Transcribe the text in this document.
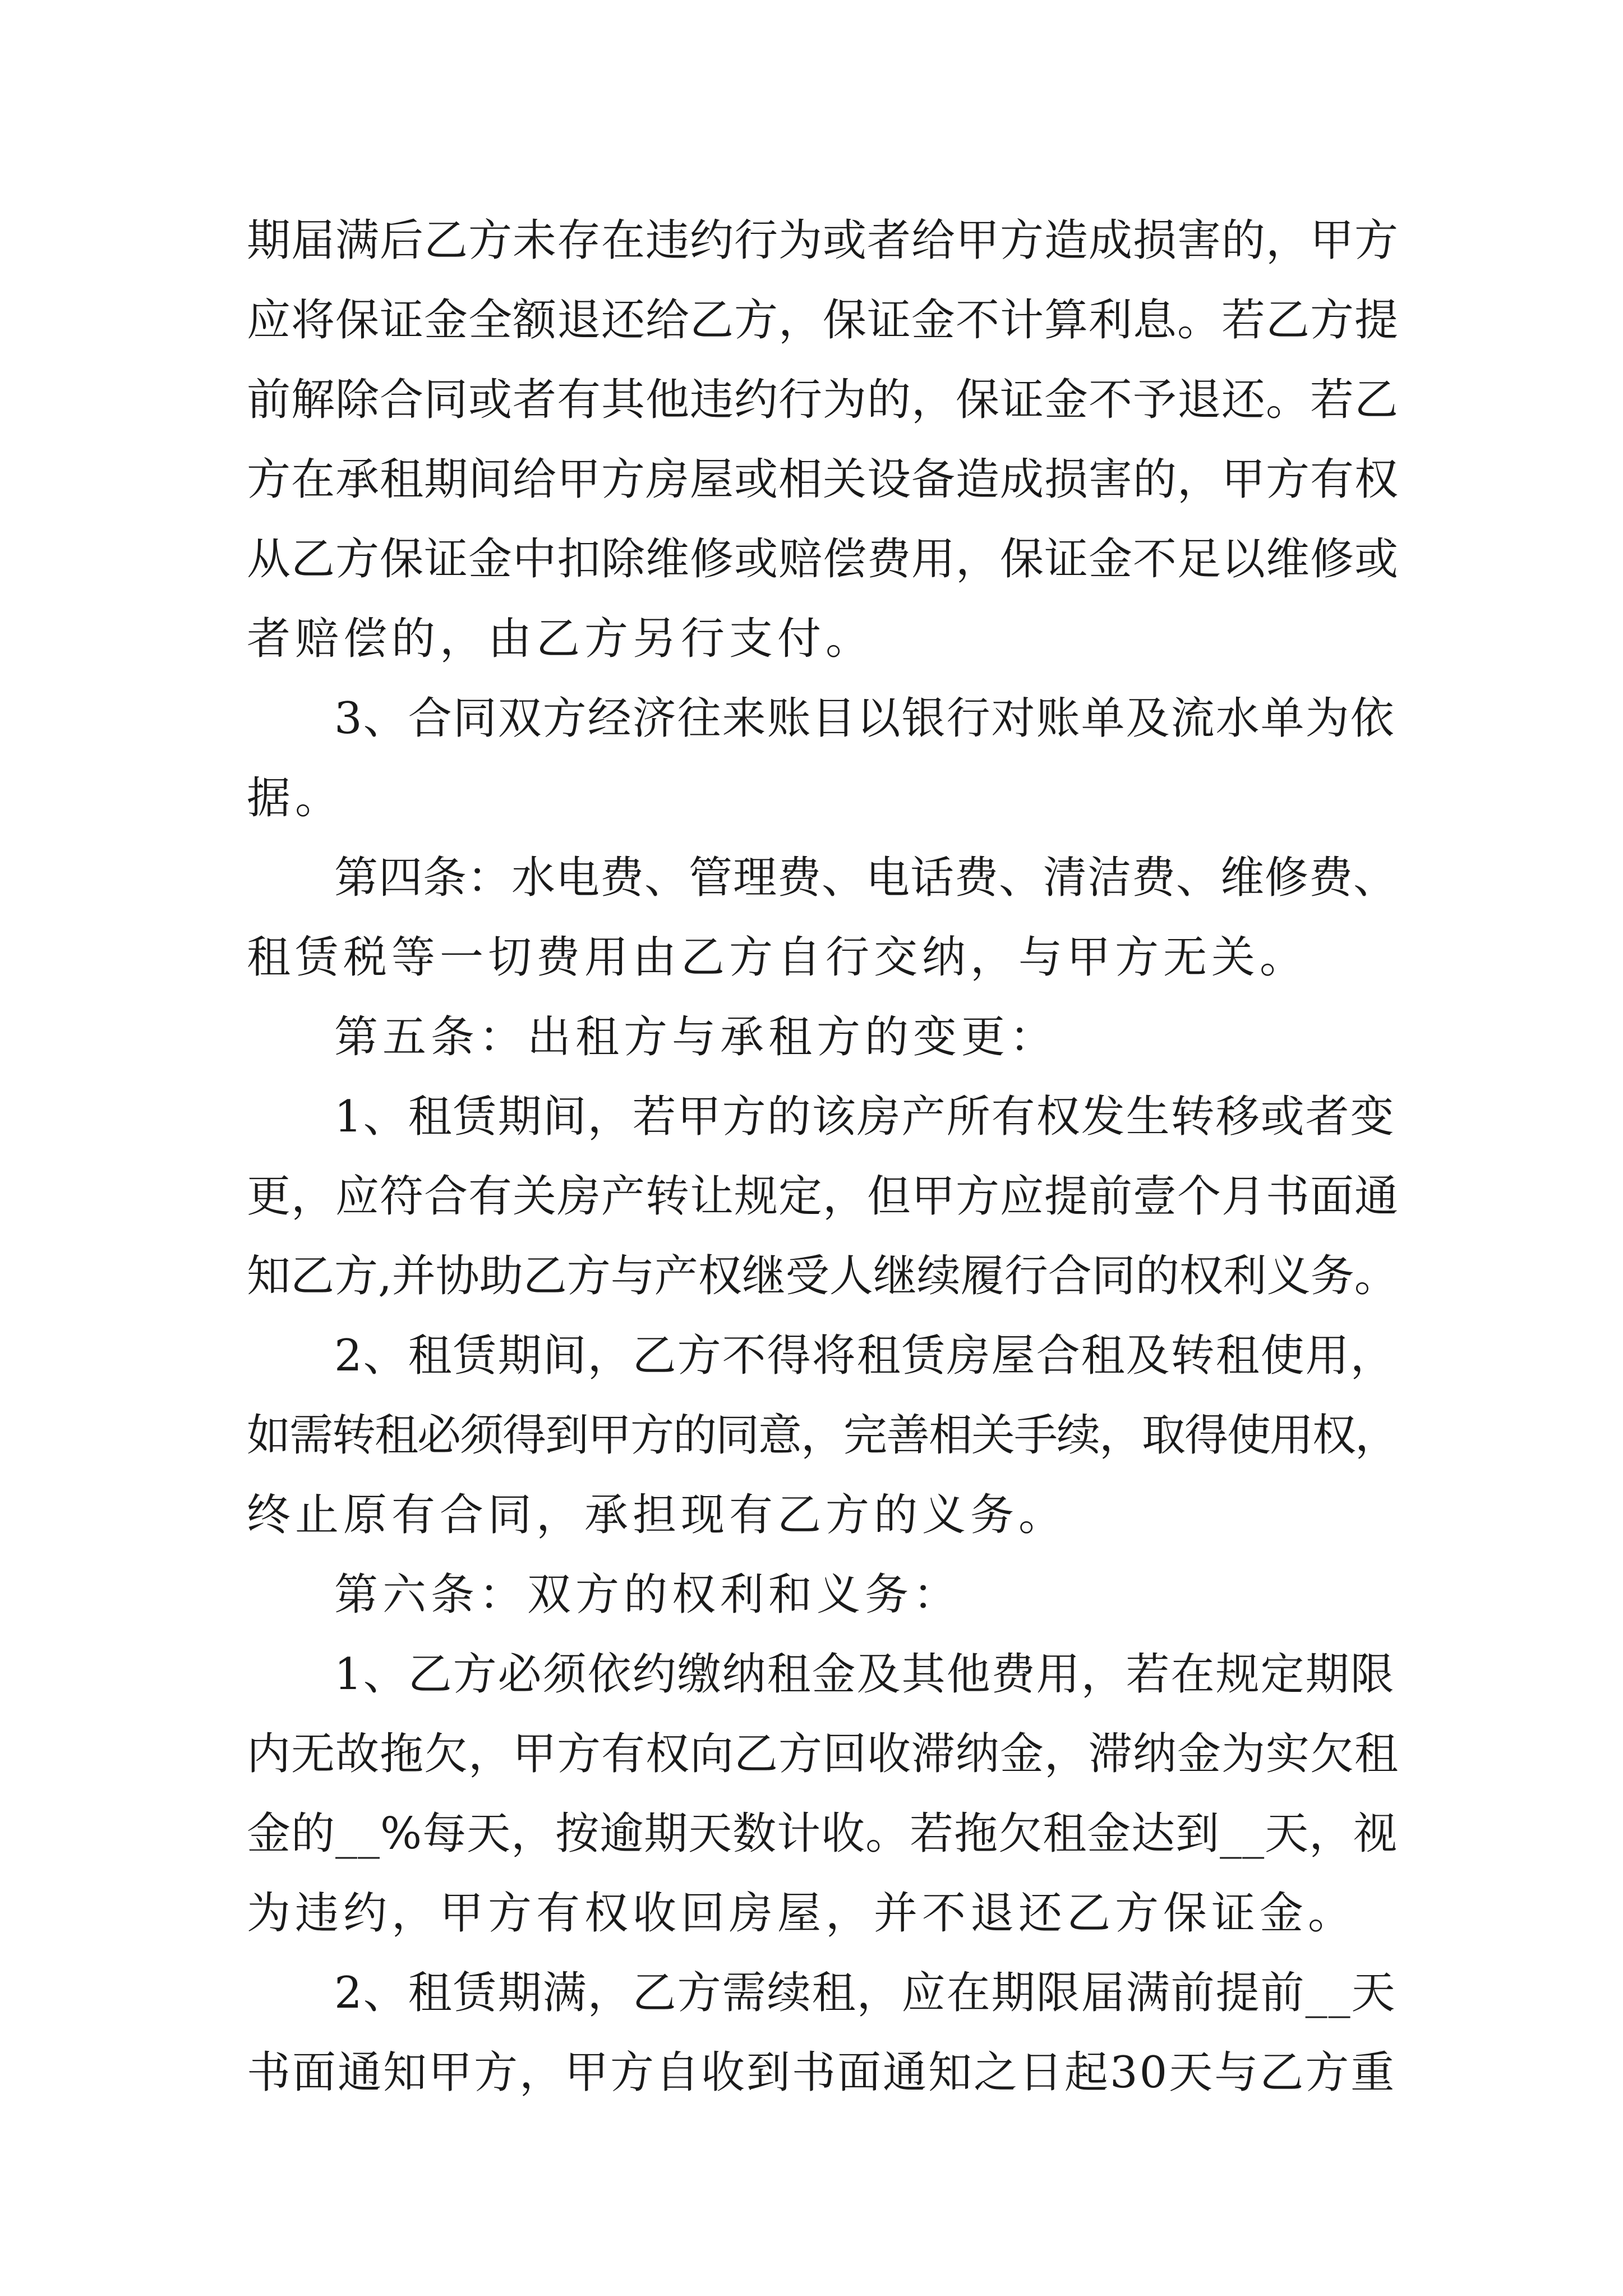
期届满后乙方未存在违约行为或者给甲方造成损害的，甲方
应将保证金全额退还给乙方，保证金不计算利息。若乙方提
前解除合同或者有其他违约行为的，保证金不予退还。若乙
方在承租期间给甲方房屋或相关设备造成损害的，甲方有权
从乙方保证金中扣除维修或赔偿费用，保证金不足以维修或
者赔偿的，由乙方另行支付。
3、合同双方经济往来账目以银行对账单及流水单为依
据。
第四条：水电费、管理费、电话费、清洁费、维修费、
租赁税等一切费用由乙方自行交纳，与甲方无关。
第五条：出租方与承租方的变更：
1、租赁期间，若甲方的该房产所有权发生转移或者变
更，应符合有关房产转让规定，但甲方应提前壹个月书面通
知乙方,并协助乙方与产权继受人继续履行合同的权利义务。
2、租赁期间，乙方不得将租赁房屋合租及转租使用，
如需转租必须得到甲方的同意，完善相关手续，取得使用权，
终止原有合同，承担现有乙方的义务。
第六条：双方的权利和义务：
1、乙方必须依约缴纳租金及其他费用，若在规定期限
内无故拖欠，甲方有权向乙方回收滞纳金，滞纳金为实欠租
金的__%每天，按逾期天数计收。若拖欠租金达到__天，视
为违约，甲方有权收回房屋，并不退还乙方保证金。
2、租赁期满，乙方需续租，应在期限届满前提前__天
书面通知甲方，甲方自收到书面通知之日起30天与乙方重
